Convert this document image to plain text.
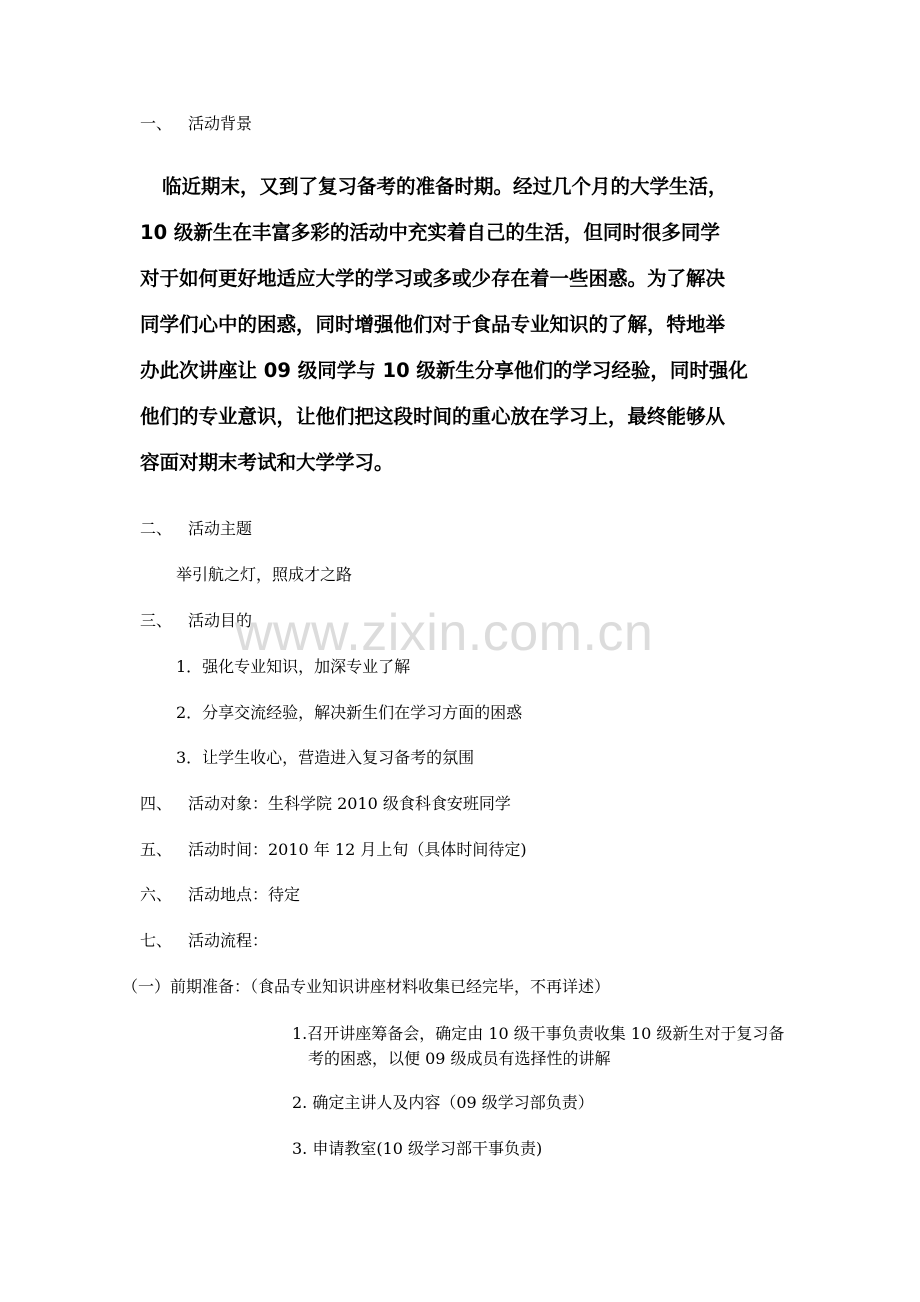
一、 活动背景
临近期末，又到了复习备考的准备时期。经过几个月的大学生活，
10 级新生在丰富多彩的活动中充实着自己的生活，但同时很多同学
对于如何更好地适应大学的学习或多或少存在着一些困惑。为了解决
同学们心中的困惑，同时增强他们对于食品专业知识的了解，特地举
办此次讲座让 09 级同学与 10 级新生分享他们的学习经验，同时强化
他们的专业意识，让他们把这段时间的重心放在学习上，最终能够从
容面对期末考试和大学学习。
二、 活动主题
举引航之灯，照成才之路
三、 活动目的
1．强化专业知识，加深专业了解
2．分享交流经验，解决新生们在学习方面的困惑
3．让学生收心，营造进入复习备考的氛围
四、 活动对象：生科学院 2010 级食科食安班同学
五、 活动时间：2010 年 12 月上旬（具体时间待定)
六、 活动地点：待定
七、 活动流程：
（一）前期准备：（食品专业知识讲座材料收集已经完毕，不再详述）
1.召开讲座筹备会，确定由 10 级干事负责收集 10 级新生对于复习备考的困惑，以便 09 级成员有选择性的讲解
2. 确定主讲人及内容（09 级学习部负责）
3. 申请教室(10 级学习部干事负责)
www.zixin.com.cn
